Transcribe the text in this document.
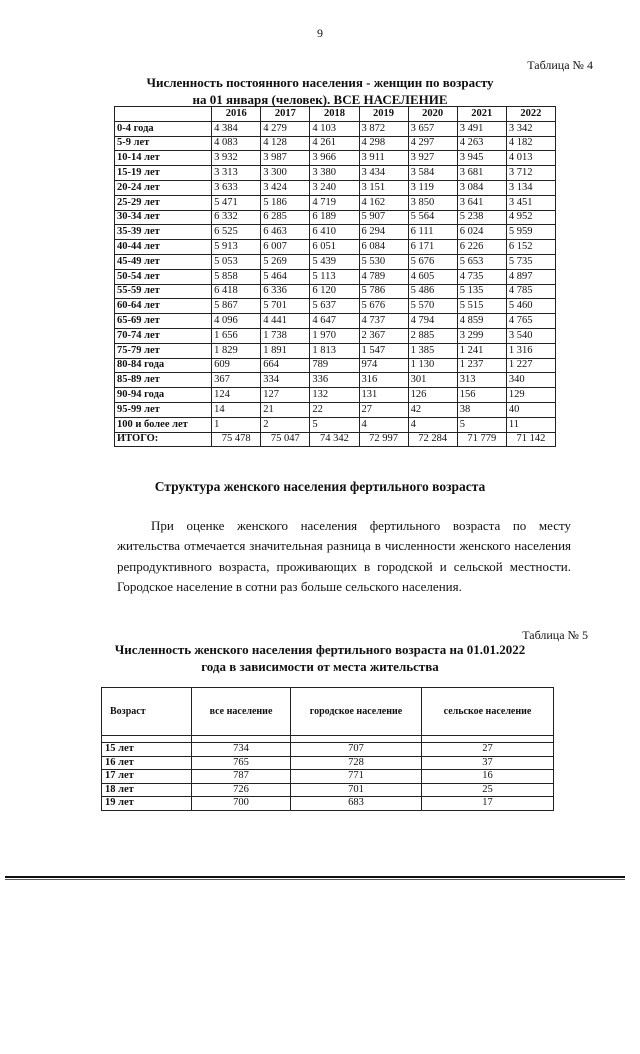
9
Таблица № 4
Численность постоянного населения - женщин по возрасту
на 01 января (человек). ВСЕ НАСЕЛЕНИЕ
	2016	2017	2018	2019	2020	2021	2022
0-4 года	4 384	4 279	4 103	3 872	3 657	3 491	3 342
5-9 лет	4 083	4 128	4 261	4 298	4 297	4 263	4 182
10-14 лет	3 932	3 987	3 966	3 911	3 927	3 945	4 013
15-19 лет	3 313	3 300	3 380	3 434	3 584	3 681	3 712
20-24 лет	3 633	3 424	3 240	3 151	3 119	3 084	3 134
25-29 лет	5 471	5 186	4 719	4 162	3 850	3 641	3 451
30-34 лет	6 332	6 285	6 189	5 907	5 564	5 238	4 952
35-39 лет	6 525	6 463	6 410	6 294	6 111	6 024	5 959
40-44 лет	5 913	6 007	6 051	6 084	6 171	6 226	6 152
45-49 лет	5 053	5 269	5 439	5 530	5 676	5 653	5 735
50-54 лет	5 858	5 464	5 113	4 789	4 605	4 735	4 897
55-59 лет	6 418	6 336	6 120	5 786	5 486	5 135	4 785
60-64 лет	5 867	5 701	5 637	5 676	5 570	5 515	5 460
65-69 лет	4 096	4 441	4 647	4 737	4 794	4 859	4 765
70-74 лет	1 656	1 738	1 970	2 367	2 885	3 299	3 540
75-79 лет	1 829	1 891	1 813	1 547	1 385	1 241	1 316
80-84 года	609	664	789	974	1 130	1 237	1 227
85-89 лет	367	334	336	316	301	313	340
90-94 года	124	127	132	131	126	156	129
95-99 лет	14	21	22	27	42	38	40
100 и более лет	1	2	5	4	4	5	11
ИТОГО:	75 478	75 047	74 342	72 997	72 284	71 779	71 142
Структура женского населения фертильного возраста
При оценке женского населения фертильного возраста по месту жительства отмечается значительная разница в численности женского населения репродуктивного возраста, проживающих в городской и сельской местности. Городское население в сотни раз больше сельского населения.
Таблица № 5
Численность женского населения фертильного возраста на 01.01.2022
года в зависимости от места жительства
Возраст	все население	городское население	сельское население

15 лет	734	707	27
16 лет	765	728	37
17 лет	787	771	16
18 лет	726	701	25
19 лет	700	683	17
